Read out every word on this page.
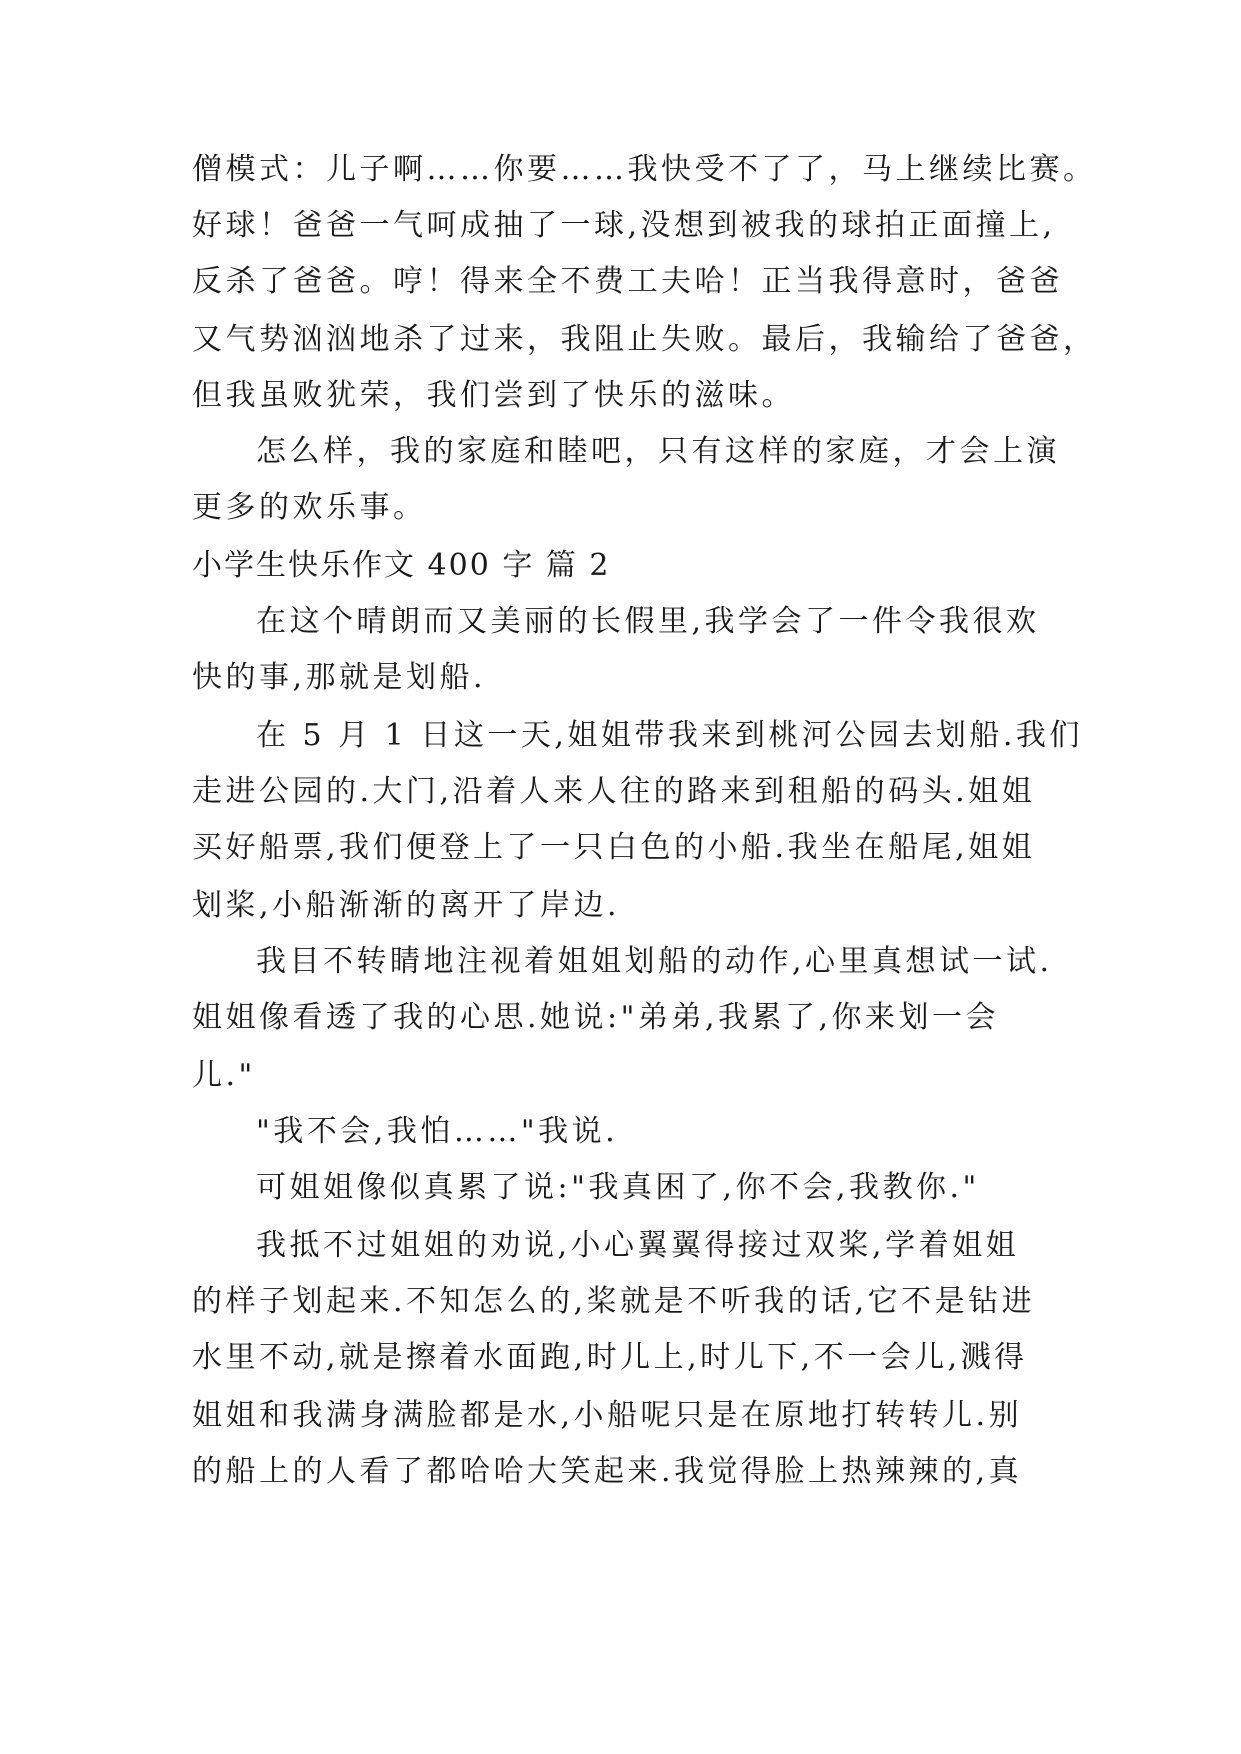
僧模式：儿子啊……你要……我快受不了了，马上继续比赛。
好球！爸爸一气呵成抽了一球,没想到被我的球拍正面撞上,
反杀了爸爸。哼！得来全不费工夫哈！正当我得意时，爸爸
又气势汹汹地杀了过来，我阻止失败。最后，我输给了爸爸，
但我虽败犹荣，我们尝到了快乐的滋味。
怎么样，我的家庭和睦吧，只有这样的家庭，才会上演
更多的欢乐事。
小学生快乐作文 400 字 篇 2
在这个晴朗而又美丽的长假里,我学会了一件令我很欢
快的事,那就是划船.
在 5 月 1 日这一天,姐姐带我来到桃河公园去划船.我们
走进公园的.大门,沿着人来人往的路来到租船的码头.姐姐
买好船票,我们便登上了一只白色的小船.我坐在船尾,姐姐
划桨,小船渐渐的离开了岸边.
我目不转睛地注视着姐姐划船的动作,心里真想试一试.
姐姐像看透了我的心思.她说:"弟弟,我累了,你来划一会
儿."
"我不会,我怕……"我说.
可姐姐像似真累了说:"我真困了,你不会,我教你."
我抵不过姐姐的劝说,小心翼翼得接过双桨,学着姐姐
的样子划起来.不知怎么的,桨就是不听我的话,它不是钻进
水里不动,就是擦着水面跑,时儿上,时儿下,不一会儿,溅得
姐姐和我满身满脸都是水,小船呢只是在原地打转转儿.别
的船上的人看了都哈哈大笑起来.我觉得脸上热辣辣的,真
